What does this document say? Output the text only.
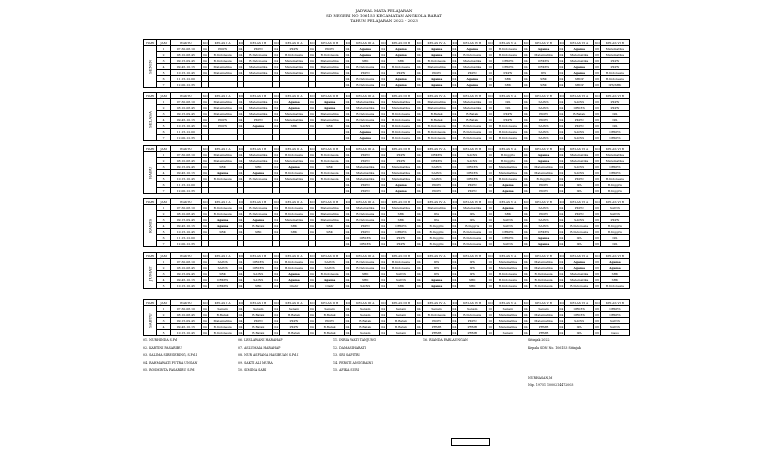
JADWAL MATA PELAJARAN
SD NEGERI NO 106153 KECAMATAN ANGKOLA BARAT
TAHUN PELAJARAN 2022 - 2023
HARI	JAM	WAKTU	KO	KELAS I A	KO	KELAS I B	KO	KELAS II A	KO	KELAS II B	KO	KELAS III A	KO	KELAS III B	KO	KELAS IV A	KO	KELAS IV B	KO	KELAS V A	KO	KELAS V B	KO	KELAS VI A	KO	KELAS VI B
SENIN	1	07.30-08.10	04	PKPN	04	PKPN	04	PKPN	04	PKPN	04	Agama	04	Agama	04	Agama	04	Agama	10	B.Indonesia	04	Agama	04	Agama	06	Matematika
	2	08.10-08.45	04	B.Indonesia	04	B.Indonesia	04	B.Indonesia	04	B.Indonesia	04	Agama	04	Agama	04	Agama	04	B.Indonesia	10	B.Indonesia	04	Matematika	04	Matematika	06	Matematika
	3	09.15-09.45	04	B.Indonesia	04	B.Indonesia	04	Matematika	04	Matematika	04	SBK	04	SBK	04	B.Indonesia	04	Matematika	10	ORKES	04	ORKES	04	Matematika	06	PKPN
	4	09.45-10.15	04	Matematika	04	Matematika	04	Matematika	04	Matematika	04	B.Indonesia	04	B.Indonesia	04	Matematika	04	Matematika	10	ORKES	04	ORKES	04	Agama	06	PKPN
	5	10.15-10.45	04	Matematika	04	Matematika	04	Matematika	04	Matematika	04	PKPN	04	PKPN	04	PKPN	04	PKPN	10	PKPN	04	IPS	04	Agama	06	B.Indonesia
	6	11.15-12.00									04	B.Indonesia	04	Agama	04	Agama	04	Agama	10	SBK	04	SBK	04	SBDP	06	B.Indonesia
	7	12.00-12.35									04	B.Indonesia	04	Agama	04	Agama	04	Agama	10	SBK	04	SBK	04	SBDP	06	IPS/SBK
HARI	JAM	WAKTU	KO	KELAS I A	KO	KELAS I B	KO	KELAS II A	KO	KELAS II B	KO	KELAS III A	KO	KELAS III B	KO	KELAS IV A	KO	KELAS IV B	KO	KELAS V A	KO	KELAS V B	KO	KELAS VI A	KO	KELAS VI B
SELASA	1	07.30-08.10	04	Matematika	04	Matematika	04	Agama	04	Agama	04	Matematika	04	Matematika	04	Matematika	04	Matematika	10	IPA	04	SAINS	04	SAINS	06	PKPN
	2	08.10-08.45	04	Matematika	04	Matematika	04	Agama	04	Agama	04	Matematika	04	Matematika	04	Matematika	04	Matematika	10	IPA	04	SAINS	04	ORKES	06	PKPN
	3	09.15-09.45	04	Matematika	04	Matematika	04	Matematika	04	Matematika	04	B.Indonesia	04	B.Indonesia	04	B.Batak	04	B.Batak	10	PKPN	04	PKPN	04	B.Batak	06	IPA
	4	09.45-10.15	04	PKPN	04	PKPN	04	Matematika	04	Matematika	04	B.Indonesia	04	B.Indonesia	04	B.Batak	04	B.Batak	10	PKPN	04	PKPN	04	PKPN	06	IPA
	5	10.15-10.45	04	PKPN	04	Agama	04	SBK	04	SBK	04	SAINS	04	B.Indonesia	04	B.Indonesia	04	B.Indonesia	10	B.Indonesia	04	SAINS	04	PKPN	06	IPA
	6	11.15-12.00									04	Agama	04	B.Indonesia	04	B.Indonesia	04	B.Indonesia	10	B.Indonesia	04	SAINS	04	SAINS	06	ORKES
	7	12.00-12.35									04	Agama	04	B.Indonesia	04	B.Indonesia	04	B.Indonesia	10	B.Indonesia	04	SAINS	04	SAINS	06	ORKES
HARI	JAM	WAKTU	KO	KELAS I A	KO	KELAS I B	KO	KELAS II A	KO	KELAS II B	KO	KELAS III A	KO	KELAS III B	KO	KELAS IV A	KO	KELAS IV B	KO	KELAS V A	KO	KELAS V B	KO	KELAS VI A	KO	KELAS VI B
RABU	1	07.30-08.10	04	Matematika	04	Matematika	04	B.Indonesia	04	B.Indonesia	04	PKPN	04	PKPN	04	ORKES	04	SAINS	10	B.Inggris	04	Agama	04	Matematika	06	Matematika
	2	08.10-08.45	04	Matematika	04	Matematika	04	Matematika	04	B.Indonesia	04	PKPN	04	PKPN	04	ORKES	04	SAINS	10	B.Inggris	04	Agama	04	Matematika	06	Matematika
	3	09.15-09.45	04	SBK	04	SBK	04	Agama	04	SBK	04	Matematika	04	Matematika	04	SAINS	04	ORKES	10	Matematika	04	Matematika	04	SAINS	06	ORKES
	4	09.45-10.15	04	Agama	04	Agama	04	B.Indonesia	04	B.Indonesia	04	Matematika	04	Matematika	04	SAINS	04	ORKES	10	Matematika	04	Matematika	04	SAINS	06	ORKES
	5	10.15-10.45	04	B.Indonesia	04	B.Indonesia	04	Matematika	04	B.Indonesia	04	Matematika	04	Matematika	04	SAINS	04	ORKES	10	B.Indonesia	04	B.Inggris	04	PKPN	06	B.Indonesia
	6	11.15-12.00									04	PKPN	04	Agama	04	PKPN	04	PKPN	10	Agama	04	PKPN	04	IPA	06	B.Inggris
	7	12.00-12.35									04	PKPN	04	Agama	04	PKPN	04	PKPN	10	Agama	04	PKPN	04	IPA	06	B.Inggris
HARI	JAM	WAKTU	KO	KELAS I A	KO	KELAS I B	KO	KELAS II A	KO	KELAS II B	KO	KELAS III A	KO	KELAS III B	KO	KELAS IV A	KO	KELAS IV B	KO	KELAS V A	KO	KELAS V B	KO	KELAS VI A	KO	KELAS VI B
KAMIS	1	07.30-08.10	04	B.Indonesia	04	B.Indonesia	04	B.Indonesia	04	Matematika	04	Matematika	04	Matematika	04	Matematika	04	Matematika	10	Agama	04	SAINS	04	PKPN	06	SAINS
	2	08.10-08.45	04	B.Indonesia	04	B.Indonesia	04	B.Indonesia	04	Matematika	04	B.Indonesia	04	SBK	04	IPA	04	IPA	10	SBK	04	PKPN	04	PKPN	06	SAINS
	3	09.15-09.45	04	Agama	04	Agama	04	Matematika	04	Matematika	04	B.Indonesia	04	SBK	04	IPA	04	IPA	10	SAINS	04	SAINS	04	SAINS	06	PKPN
	4	09.45-10.15	04	Agama	04	B.Batak	04	SBK	04	SBK	04	PKPN	04	ORKES	04	B.Inggris	04	B.Inggris	10	SAINS	04	SAINS	04	B.Indonesia	06	B.Inggris
	5	10.15-10.45	04	SBK	04	SBK	04	SBK	04	SBK	04	PKPN	04	ORKES	04	B.Inggris	04	B.Indonesia	10	ORKES	04	ORKES	04	B.Indonesia	06	B.Inggris
	6	11.15-12.00									04	ORKES	04	PKPN	04	B.Inggris	04	B.Indonesia	10	ORKES	04	Agama	04	IPA	06	IPA
	7	12.00-12.35									04	ORKES	04	PKPN	04	B.Inggris	04	B.Indonesia	10	SAINS	04	Agama	04	IPA	06	IPA
HARI	JAM	WAKTU	KO	KELAS I A	KO	KELAS I B	KO	KELAS II A	KO	KELAS II B	KO	KELAS III A	KO	KELAS III B	KO	KELAS IV A	KO	KELAS IV B	KO	KELAS V A	KO	KELAS V B	KO	KELAS VI A	KO	KELAS VI B
JUMAT	1	07.30-08.10	04	SAINS	04	ORKES	04	B.Indonesia	04	SAINS	04	B.Indonesia	04	B.Indonesia	04	IPS	04	IPS	10	Matematika	04	Matematika	04	Agama	06	Agama
	2	08.10-08.45	04	SAINS	04	ORKES	04	B.Indonesia	04	SAINS	04	B.Indonesia	04	B.Indonesia	04	IPS	04	IPS	10	Matematika	04	Matematika	04	Agama	06	Agama
	3	09.15-09.45	04	SBK	04	SAINS	04	Agama	04	B.Indonesia	04	SBK	04	SAINS	04	IPS	04	IPS	10	B.Indonesia	04	B.Indonesia	04	Matematika	06	SBK
	4	09.45-10.15	04	ORKES	04	SAINS	04	Agama	04	Agama	04	SBK	04	SAINS	04	Agama	04	SBK	10	B.Indonesia	04	B.Indonesia	04	Matematika	06	SBK
	5	10.15-10.45	04	ORKES	04	SBK	04	Olahr	04	Olahr	04	SAINS	04	SBK	04	Agama	04	SBK	10	B.Indonesia	04	B.Indonesia	04	B.Indonesia	06	B.Indonesia
HARI	JAM	WAKTU	KO	KELAS I A	KO	KELAS I B	KO	KELAS II A	KO	KELAS II B	KO	KELAS III A	KO	KELAS III B	KO	KELAS IV A	KO	KELAS IV B	KO	KELAS V A	KO	KELAS V B	KO	KELAS VI A	KO	KELAS VI B
SABTU	1	07.30-08.10	04	Senam	04	Senam	04	Senam	04	Senam	04	Senam	04	Senam	04	Senam	04	Senam	10	Senam	04	Senam	04	ORKES	06	ORKES
	2	08.10-08.45	04	B.Batak	04	B.Batak	04	B.Batak	04	B.Batak	04	Senam	04	Senam	04	B.Indonesia	04	B.Indonesia	10	Matematika	04	Matematika	04	ORKES	06	ORKES
	3	09.15-09.45	04	Matematika	04	PKPN	04	PKPN	04	PKPN	04	B.Batak	04	B.Batak	04	PKPN	04	PKPN	10	Matematika	04	Matematika	04	SAINS	06	SAINS
	4	09.45-10.15	04	B.Indonesia	04	B.Batak	04	PKPN	04	B.Batak	04	B.Batak	04	B.Batak	04	PRMB	04	PRMB	10	Matematika	04	PRMB	04	IPA	06	SAINS
	5	10.15-10.45	04	B.Indonesia	04	B.Batak	04	B.Batak	04	B.Batak	04	Senam	04	Senam	04	PRMB	04	PRMB	10	Senam	04	PRMB	04	IPA	06	Gaus
01. NURHINDA S.Pd
02. KARTINI PASARIBU
03. SALIMA SIREGERING, S.Pd.I
04. RAHMAWATI PUTRA UNGAN
05. ROSMINTA PASARIBU S.Pd
06. LESLAWANI HARAHAP
07. ASLUMAIA HARAHAP
08. NUR ASPIANA HASIBUAN S.Pd.I
09. SAKTI ALI MURA
10. SIMINA SARI
11. INRIA WATI TANJUNG
12. DAMASIHARATI
13. SRI SAPITRI
14. PERSTI ANGGRAINI
15. AFIKA SURI
16. RIANDA PARLAUNGAN	Sitinjak 2022
Kepala SDN No. 106153 Sitinjak
NURHASAN,M
Nip. 19751 1000214472003
